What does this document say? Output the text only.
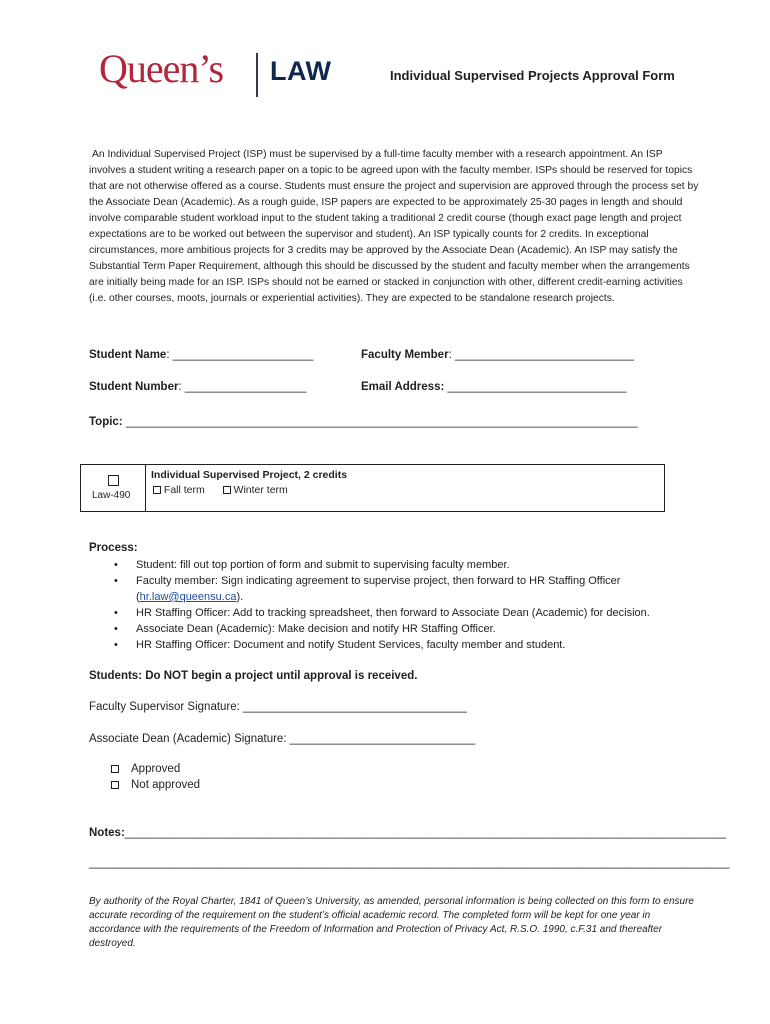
Queen’s LAW	Individual Supervised Projects Approval Form

An Individual Supervised Project (ISP) must be supervised by a full-time faculty member with a research appointment. An ISP involves a student writing a research paper on a topic to be agreed upon with the faculty member. ISPs should be reserved for topics that are not otherwise offered as a course. Students must ensure the project and supervision are approved through the process set by the Associate Dean (Academic). As a rough guide, ISP papers are expected to be approximately 25-30 pages in length and should involve comparable student workload input to the student taking a traditional 2 credit course (though exact page length and project expectations are to be worked out between the supervisor and student). An ISP typically counts for 2 credits. In exceptional circumstances, more ambitious projects for 3 credits may be approved by the Associate Dean (Academic). An ISP may satisfy the Substantial Term Paper Requirement, although this should be discussed by the student and faculty member when the arrangements are initially being made for an ISP. ISPs should not be earned or stacked in conjunction with other, different credit-earning activities (i.e. other courses, moots, journals or experiential activities). They are expected to be standalone research projects.

Student Name: ______________________	Faculty Member: ____________________________
Student Number: ___________________	Email Address: ____________________________
Topic: ________________________________________________________________________________
Law-490
Individual Supervised Project, 2 credits
Fall term	Winter term
Process:
• Student: fill out top portion of form and submit to supervising faculty member.
• Faculty member: Sign indicating agreement to supervise project, then forward to HR Staffing Officer
(hr.law@queensu.ca).
• HR Staffing Officer: Add to tracking spreadsheet, then forward to Associate Dean (Academic) for decision.
• Associate Dean (Academic): Make decision and notify HR Staffing Officer.
• HR Staffing Officer: Document and notify Student Services, faculty member and student.
Students: Do NOT begin a project until approval is received.
Faculty Supervisor Signature: ___________________________________
Associate Dean (Academic) Signature: _____________________________
Approved
Not approved
Notes:______________________________________________________________________________________________
_________________________________________________________________________________________________________

By authority of the Royal Charter, 1841 of Queen’s University, as amended, personal information is being collected on this form to ensure accurate recording of the requirement on the student’s official academic record. The completed form will be kept for one year in accordance with the requirements of the Freedom of Information and Protection of Privacy Act, R.S.O. 1990, c.F.31 and thereafter destroyed.
